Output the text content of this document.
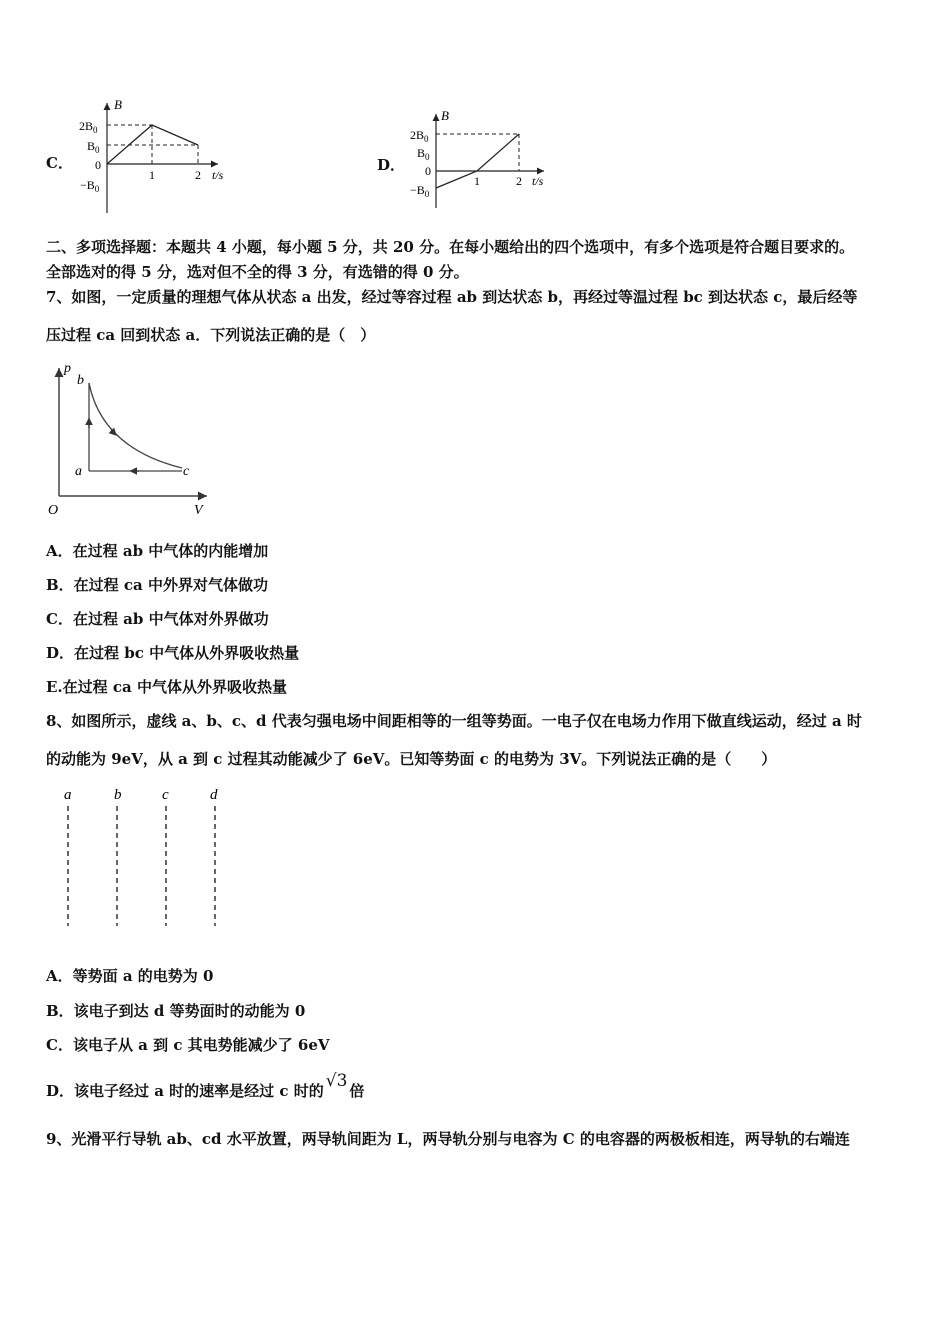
C．
B
$2B_0$
$B_0$
0
$-B_0$
1	2 t/s
D．
B
$2B_0$
$B_0$
0
$-B_0$
1	2 t/s
二、多项选择题：本题共 4 小题，每小题 5 分，共 20 分。在每小题给出的四个选项中，有多个选项是符合题目要求的。
全部选对的得 5 分，选对但不全的得 3 分，有选错的得 0 分。
7、如图，一定质量的理想气体从状态 a 出发，经过等容过程 ab 到达状态 b，再经过等温过程 bc 到达状态 c，最后经等
压过程 ca 回到状态 a．下列说法正确的是（　）
p
V
O
a
b
c
A．在过程 ab 中气体的内能增加
B．在过程 ca 中外界对气体做功
C．在过程 ab 中气体对外界做功
D．在过程 bc 中气体从外界吸收热量
E.在过程 ca 中气体从外界吸收热量
8、如图所示，虚线 a、b、c、d 代表匀强电场中间距相等的一组等势面。一电子仅在电场力作用下做直线运动，经过 a 时
的动能为 9eV，从 a 到 c 过程其动能减少了 6eV。已知等势面 c 的电势为 3V。下列说法正确的是（　　）
a	b	c	d
A．等势面 a 的电势为 0
B．该电子到达 d 等势面时的动能为 0
C．该电子从 a 到 c 其电势能减少了 6eV
D．该电子经过 a 时的速率是经过 c 时的 √3 倍
9、光滑平行导轨 ab、cd 水平放置，两导轨间距为 L，两导轨分别与电容为 C 的电容器的两极板相连，两导轨的右端连
